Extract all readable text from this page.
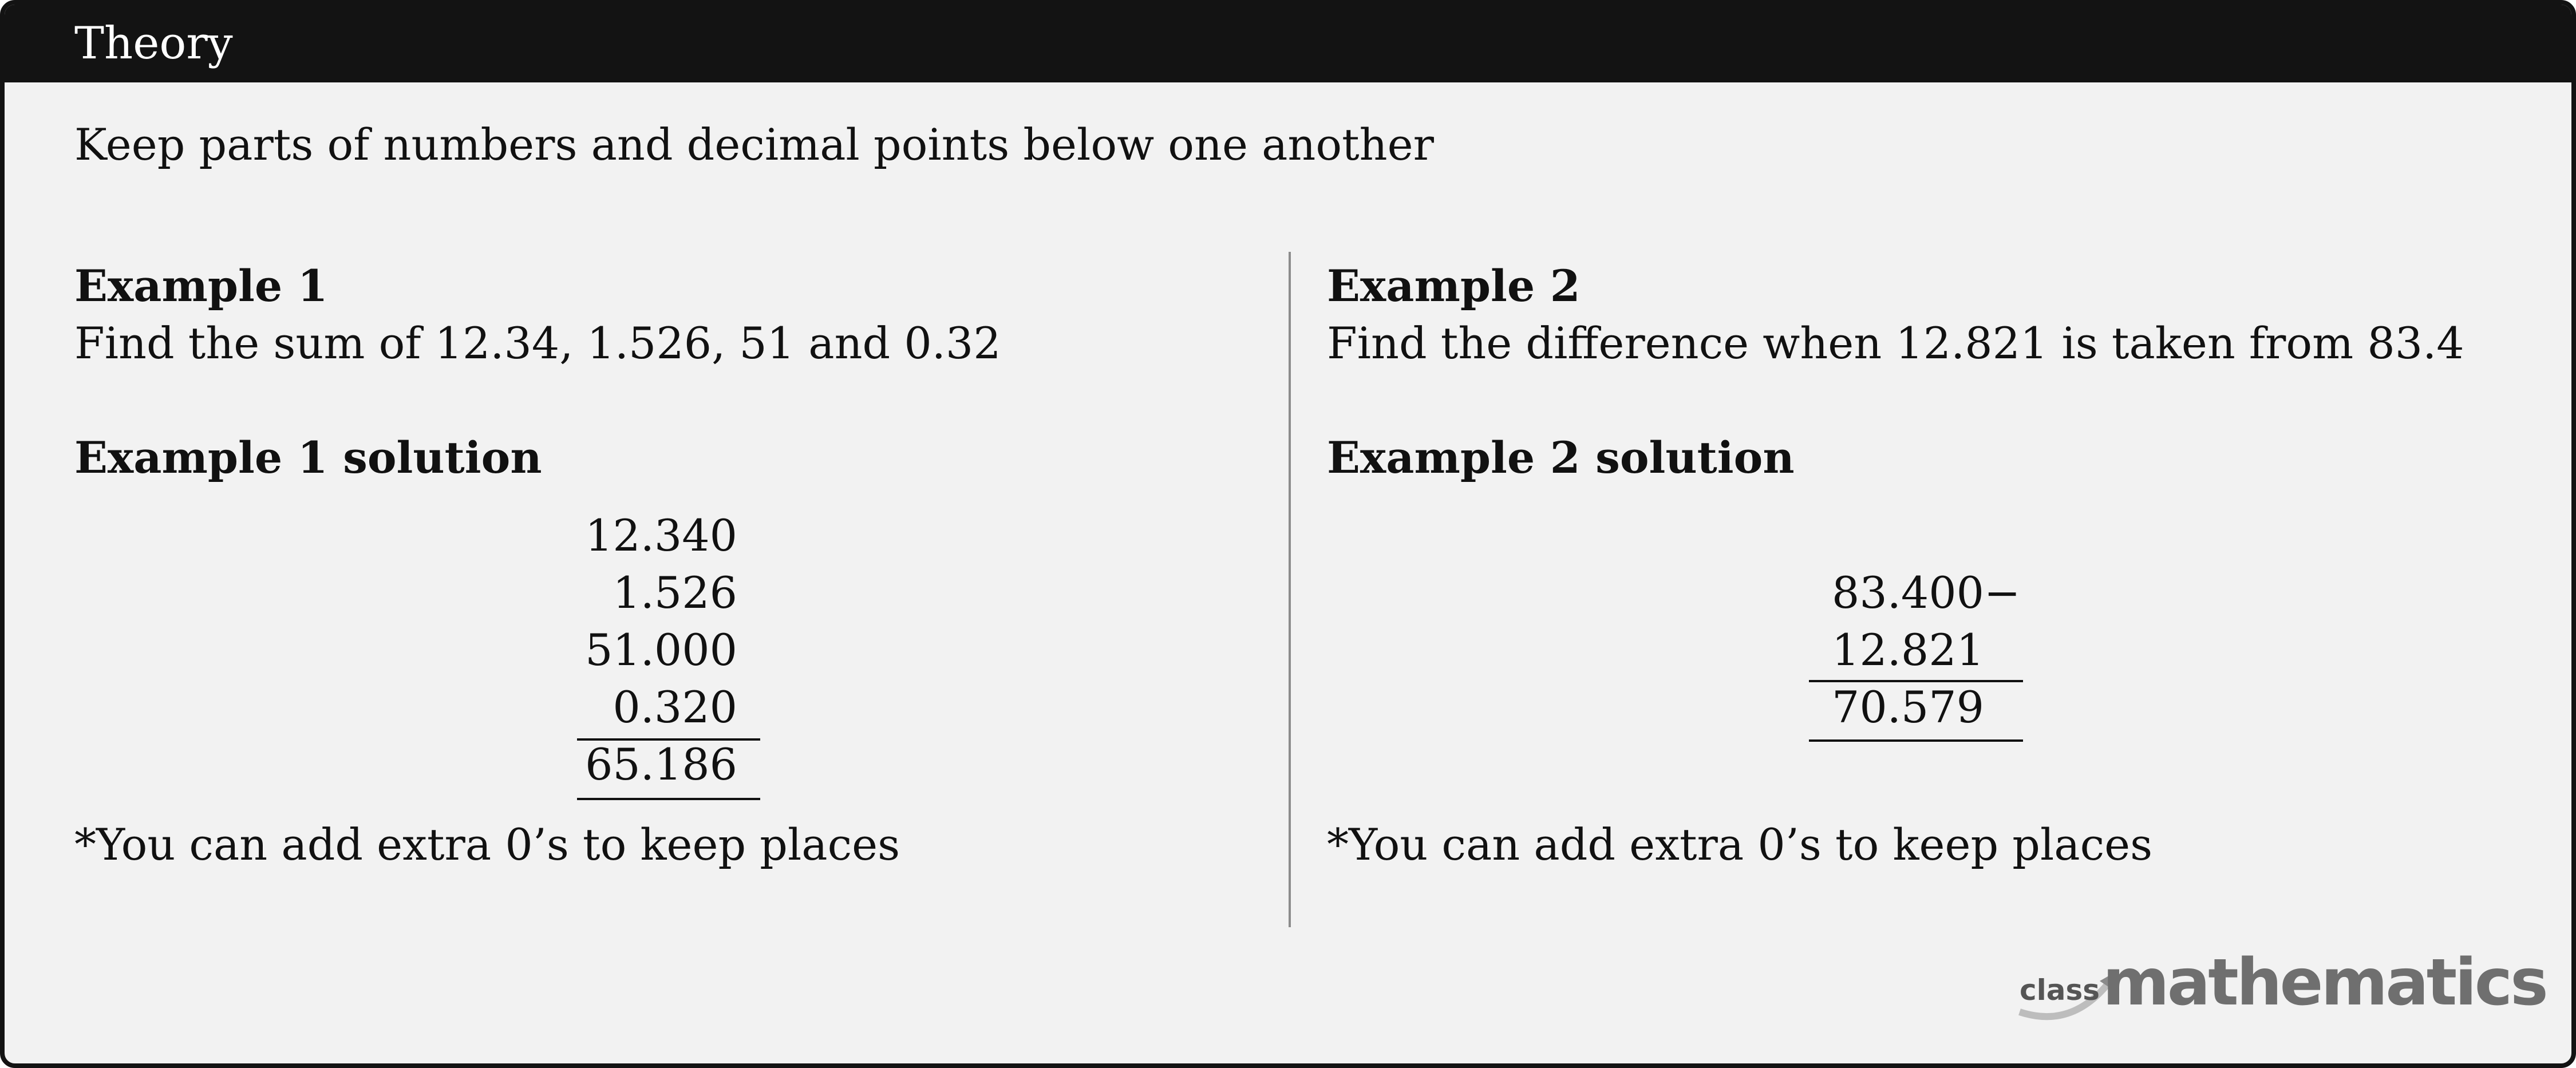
Theory
Keep parts of numbers and decimal points below one another
Example 1
Find the sum of 12.34, 1.526, 51 and 0.32
Example 1 solution
12.340
1.526
51.000
0.320
65.186
*You can add extra 0’s to keep places
Example 2
Find the difference when 12.821 is taken from 83.4
Example 2 solution
83.400−
12.821
70.579
*You can add extra 0’s to keep places
class mathematics
